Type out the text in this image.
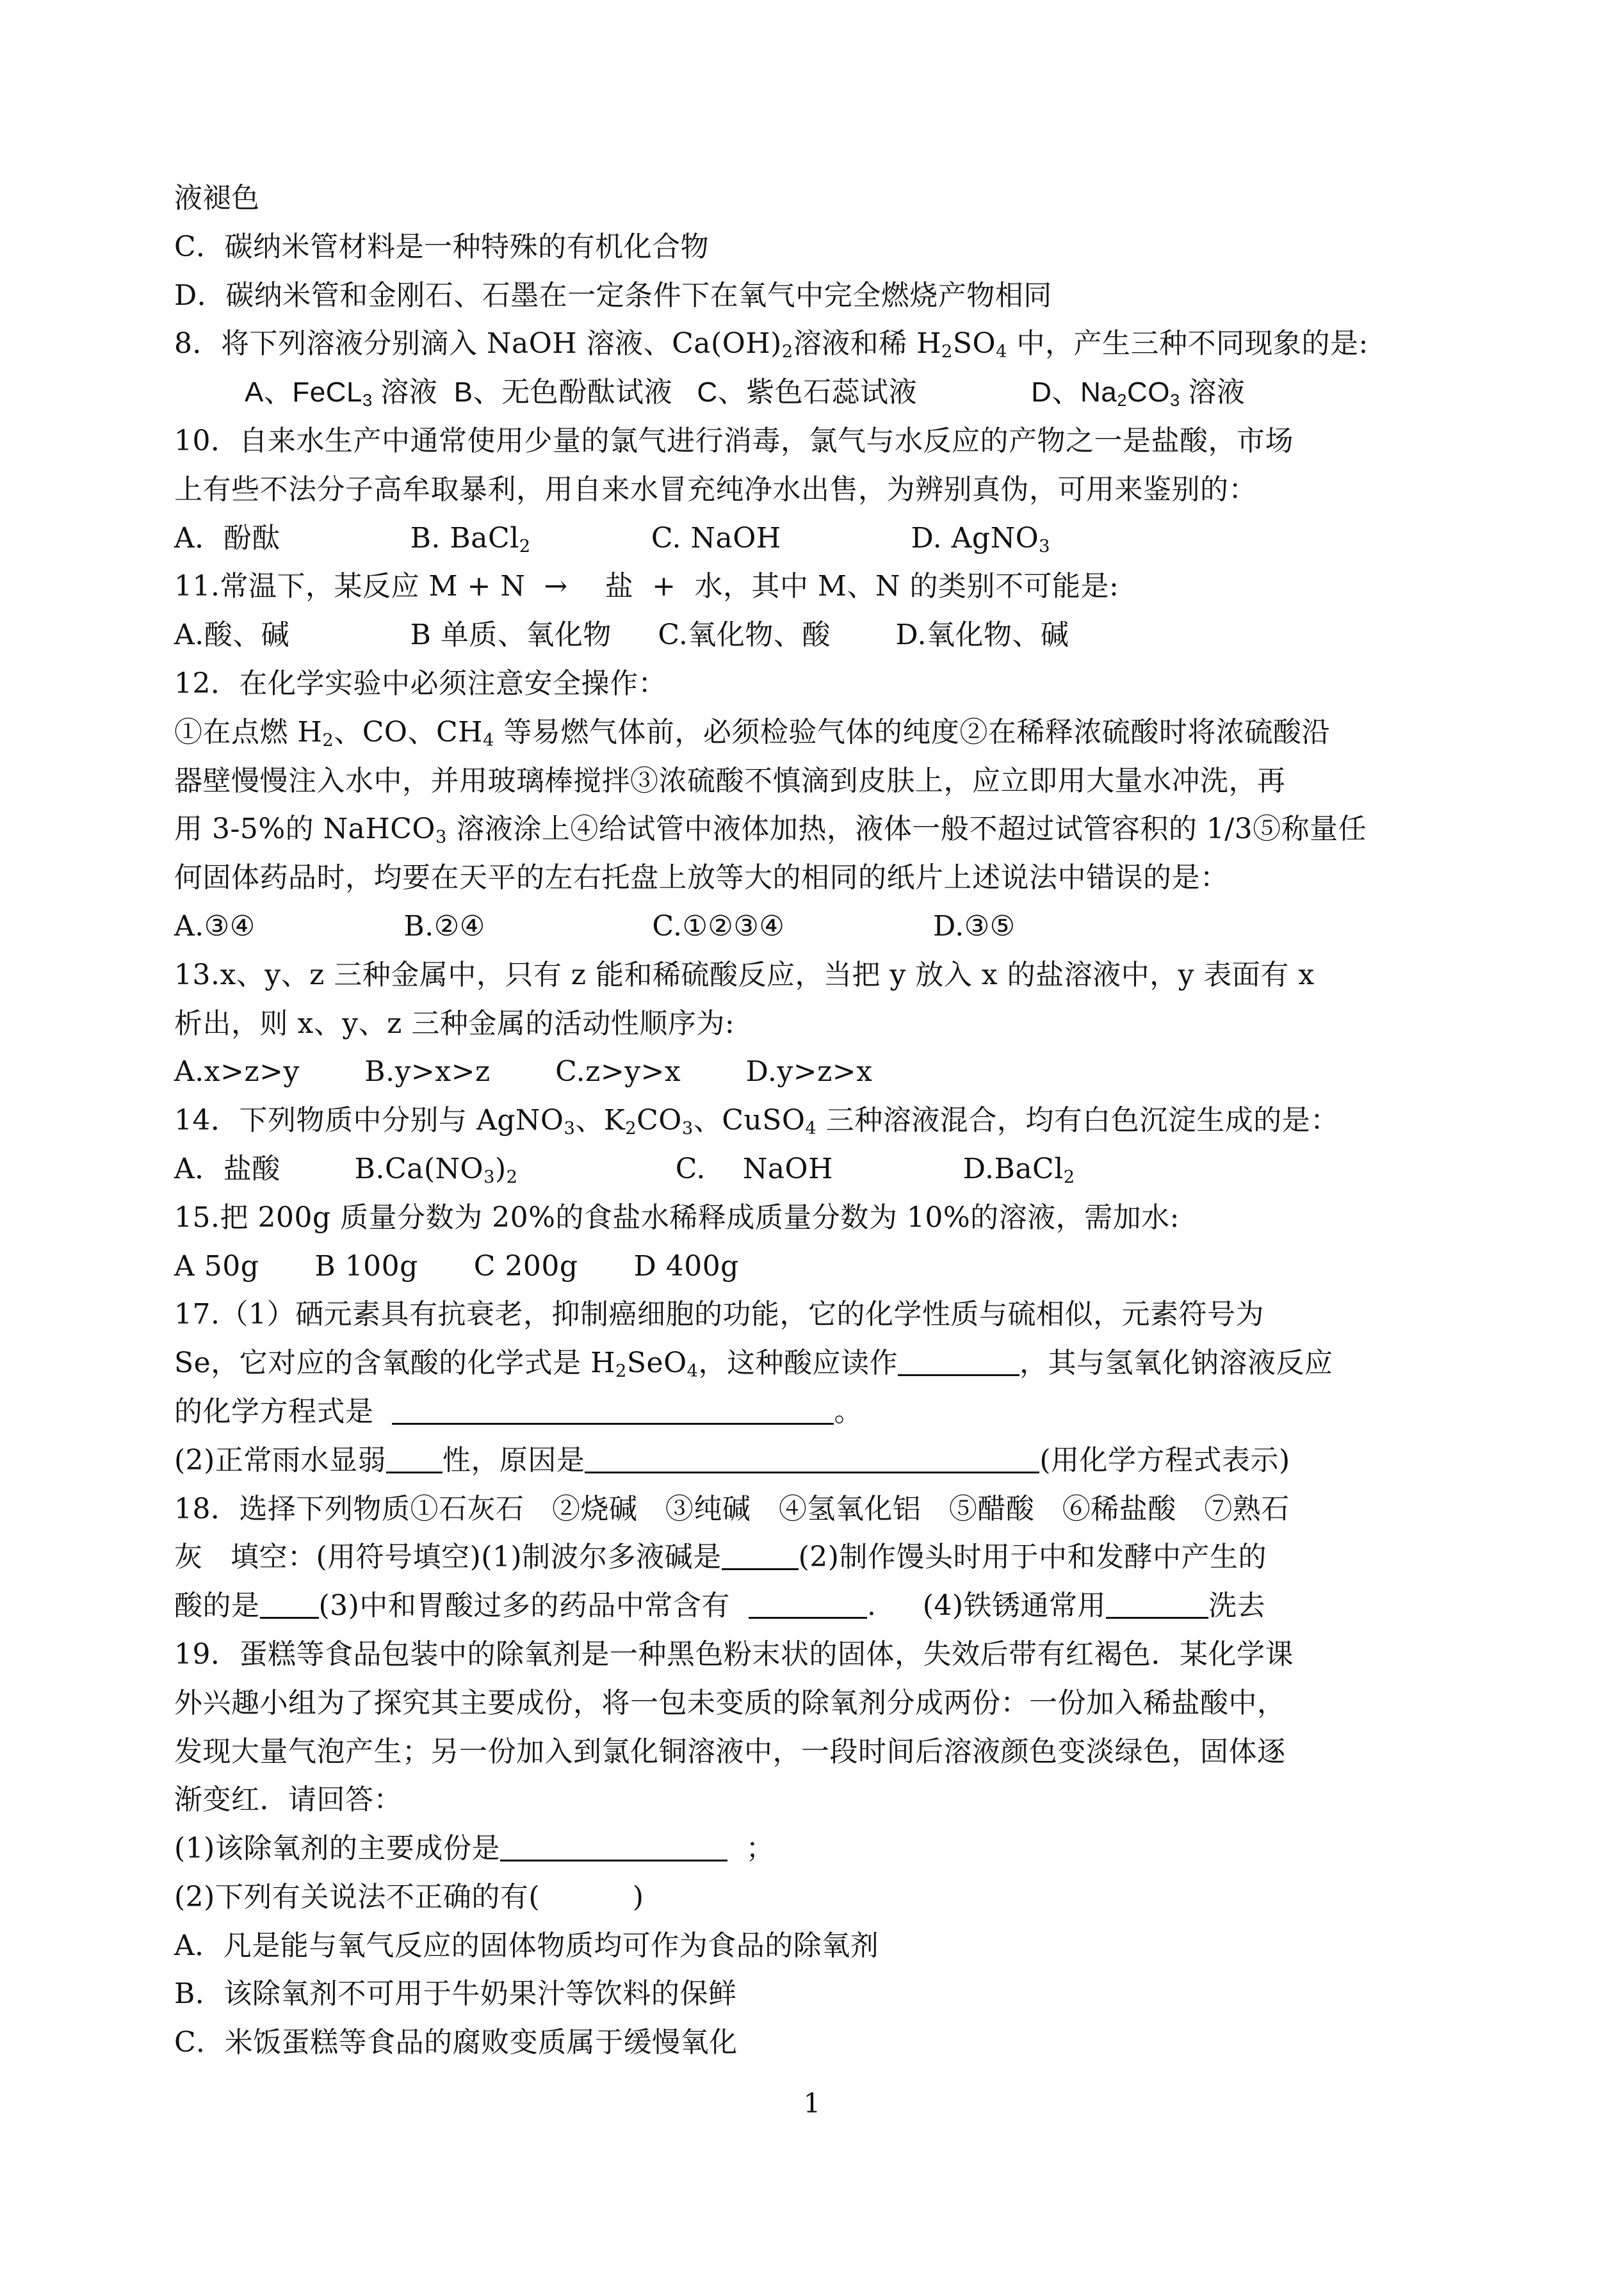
液褪色
C．碳纳米管材料是一种特殊的有机化合物
D．碳纳米管和金刚石、石墨在一定条件下在氧气中完全燃烧产物相同
8．将下列溶液分别滴入 NaOH 溶液、$Ca(OH)_2$溶液和稀 $H_2SO_4$ 中，产生三种不同现象的是:
A、FeCL$_3$ 溶液  B、无色酚酞试液   C、紫色石蕊试液              D、$Na_2CO_3$ 溶液
10．自来水生产中通常使用少量的氯气进行消毒，氯气与水反应的产物之一是盐酸，市场
上有些不法分子高牟取暴利，用自来水冒充纯净水出售，为辨别真伪，可用来鉴别的：
A．酚酞              B. BaCl$_2$             C. NaOH              D. AgNO$_3$
11.常温下，某反应 M + N  →    盐  +  水，其中 M、N 的类别不可能是:
A.酸、碱             B 单质、氧化物     C.氧化物、酸       D.氧化物、碱
12．在化学实验中必须注意安全操作：
①在点燃 $H_2$、CO、$CH_4$ 等易燃气体前，必须检验气体的纯度②在稀释浓硫酸时将浓硫酸沿
器壁慢慢注入水中，并用玻璃棒搅拌③浓硫酸不慎滴到皮肤上，应立即用大量水冲洗，再
用 3-5%的 NaHCO$_3$ 溶液涂上④给试管中液体加热，液体一般不超过试管容积的 1/3⑤称量任
何固体药品时，均要在天平的左右托盘上放等大的相同的纸片上述说法中错误的是：
A.③④                B.②④                  C.①②③④                D.③⑤
13.x、y、z 三种金属中，只有 z 能和稀硫酸反应，当把 y 放入 x 的盐溶液中，y 表面有 x
析出，则 x、y、z 三种金属的活动性顺序为:
A.x>z>y       B.y>x>z       C.z>y>x       D.y>z>x
14．下列物质中分别与 AgNO$_3$、$K_2CO_3$、CuSO$_4$ 三种溶液混合，均有白色沉淀生成的是：
A．盐酸        $B.Ca(NO_3)_2$                 C.    NaOH              D.BaCl$_2$
15.把 200g 质量分数为 20%的食盐水稀释成质量分数为 10%的溶液，需加水:
A 50g      B 100g      C 200g      D 400g
17.（1）硒元素具有抗衰老，抑制癌细胞的功能，它的化学性质与硫相似，元素符号为
Se，它对应的含氧酸的化学式是 $H_2SeO_4$，这种酸应读作	，其与氢氧化钠溶液反应
的化学方程式是	。
(2)正常雨水显弱 性，原因是	(用化学方程式表示)
18．选择下列物质①石灰石   ②烧碱   ③纯碱   ④氢氧化铝   ⑤醋酸   ⑥稀盐酸   ⑦熟石
灰   填空：(用符号填空)(1)制波尔多液碱是	(2)制作馒头时用于中和发酵中产生的
酸的是 (3)中和胃酸过多的药品中常含有	.     (4)铁锈通常用	洗去
19．蛋糕等食品包装中的除氧剂是一种黑色粉末状的固体，失效后带有红褐色．某化学课
外兴趣小组为了探究其主要成份，将一包未变质的除氧剂分成两份：一份加入稀盐酸中，
发现大量气泡产生；另一份加入到氯化铜溶液中，一段时间后溶液颜色变淡绿色，固体逐
渐变红．请回答：
(1)该除氧剂的主要成份是	；
(2)下列有关说法不正确的有(          )
A．凡是能与氧气反应的固体物质均可作为食品的除氧剂
B．该除氧剂不可用于牛奶果汁等饮料的保鲜
C．米饭蛋糕等食品的腐败变质属于缓慢氧化
1
